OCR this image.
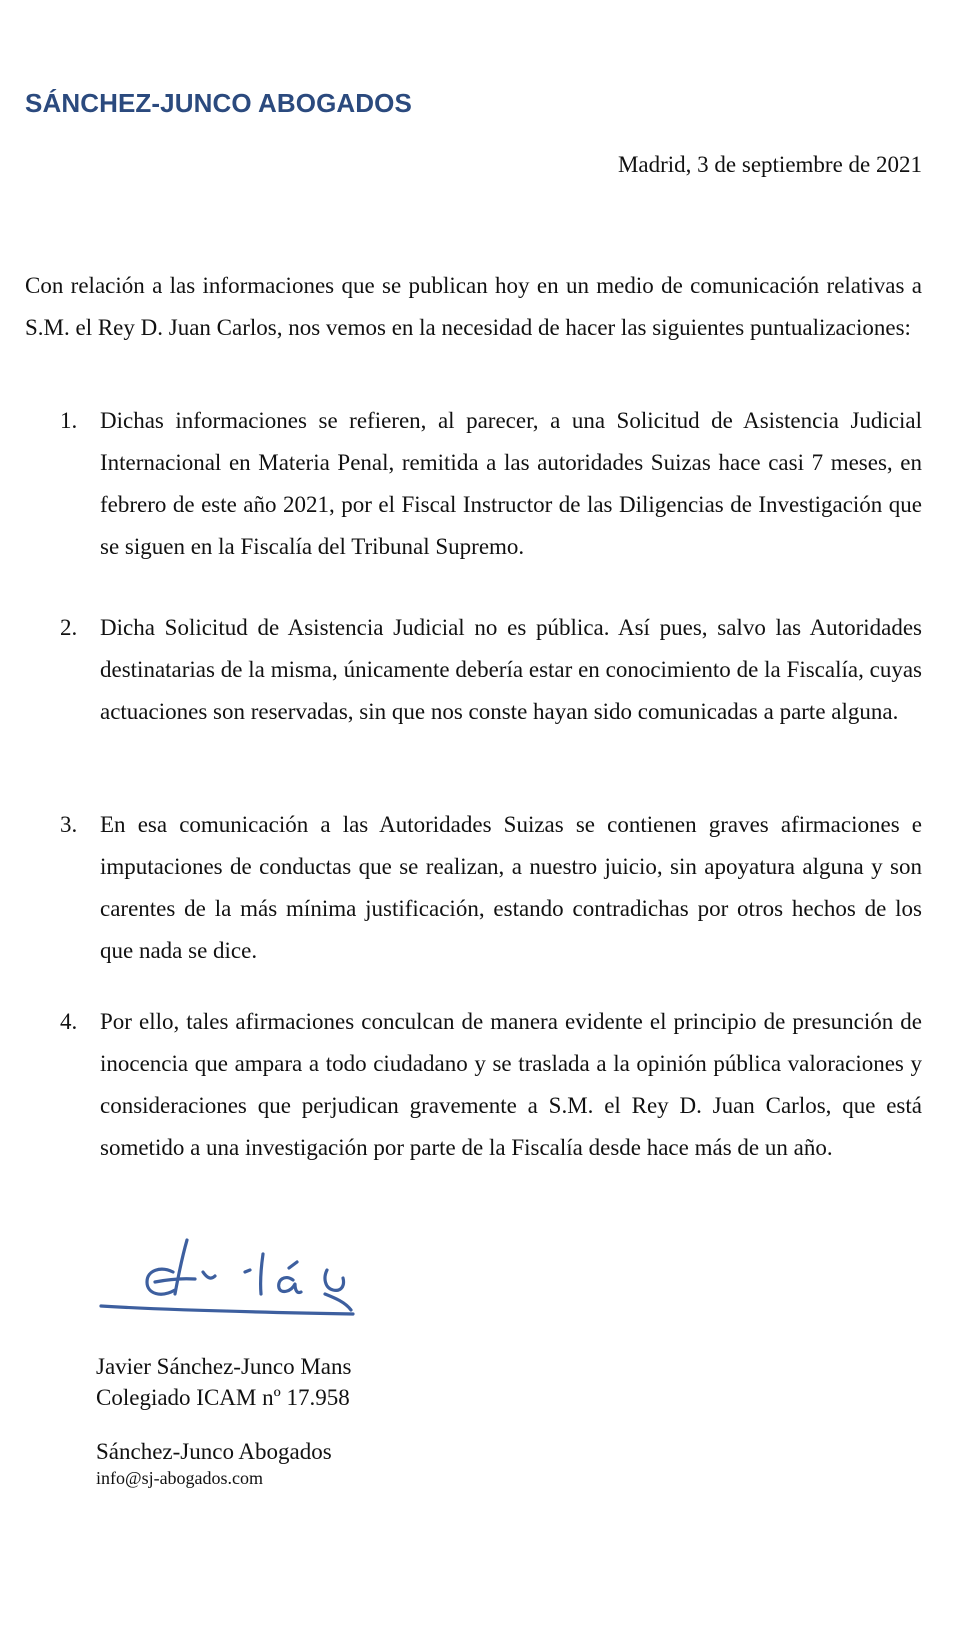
SÁNCHEZ-JUNCO ABOGADOS
Madrid, 3 de septiembre de 2021

Con relación a las informaciones que se publican hoy en un medio de comunicación relativas a S.M. el Rey D. Juan Carlos, nos vemos en la necesidad de hacer las siguientes puntualizaciones:

1. Dichas informaciones se refieren, al parecer, a una Solicitud de Asistencia Judicial Internacional en Materia Penal, remitida a las autoridades Suizas hace casi 7 meses, en febrero de este año 2021, por el Fiscal Instructor de las Diligencias de Investigación que se siguen en la Fiscalía del Tribunal Supremo.
2. Dicha Solicitud de Asistencia Judicial no es pública. Así pues, salvo las Autoridades destinatarias de la misma, únicamente debería estar en conocimiento de la Fiscalía, cuyas actuaciones son reservadas, sin que nos conste hayan sido comunicadas a parte alguna.
3. En esa comunicación a las Autoridades Suizas se contienen graves afirmaciones e imputaciones de conductas que se realizan, a nuestro juicio, sin apoyatura alguna y son carentes de la más mínima justificación, estando contradichas por otros hechos de los que nada se dice.
4. Por ello, tales afirmaciones conculcan de manera evidente el principio de presunción de inocencia que ampara a todo ciudadano y se traslada a la opinión pública valoraciones y consideraciones que perjudican gravemente a S.M. el Rey D. Juan Carlos, que está sometido a una investigación por parte de la Fiscalía desde hace más de un año.
Javier Sánchez-Junco Mans
Colegiado ICAM nº 17.958
Sánchez-Junco Abogados
info@sj-abogados.com
